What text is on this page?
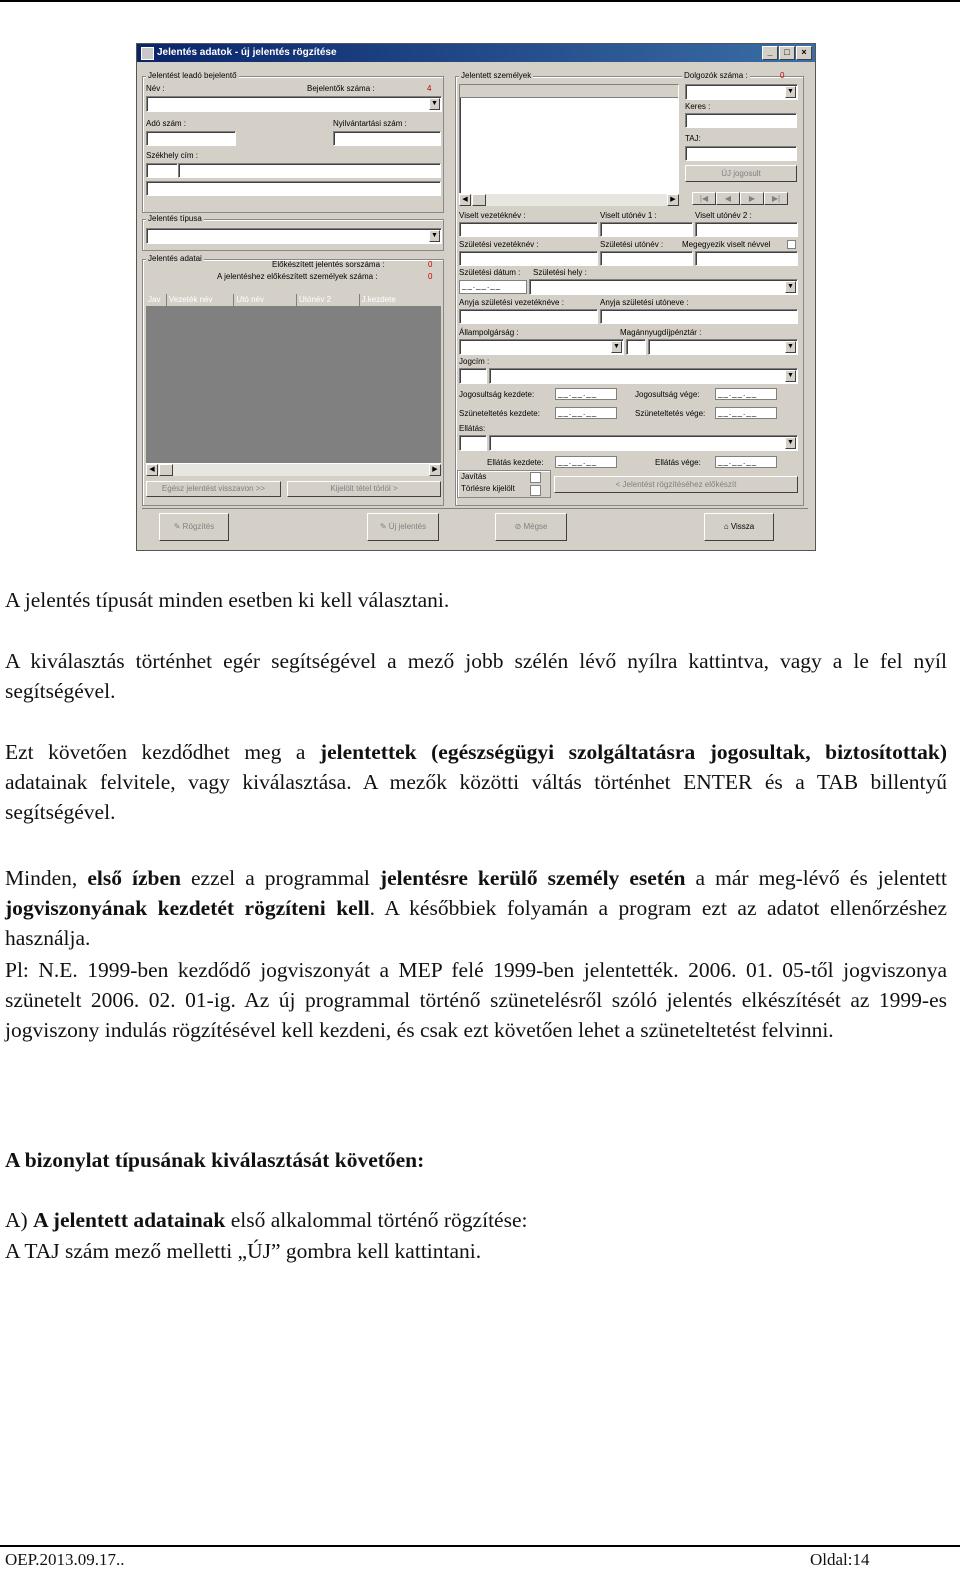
Jelentés adatok - új jelentés rögzítése	_ □ ×
Jelentést leadó bejelentő
Név :	Bejelentők száma :	4
▼
Adó szám :	Nyilvántartási szám :
Székhely cím :
Jelentés típusa
▼
Jelentés adatai
Előkészített jelentés sorszáma :	0
A jelentéshez előkészített személyek száma :	0
Jav	Vezeték név	Utó név	Utónév 2	J.kezdete
◀	▶
Egész jelentést visszavon >>	Kijelölt tétel törlöl >
Jelentett személyek	Dolgozók száma :	0
◀	▶
▼
Keres :
TAJ:
ÚJ jogosult
|◀ ◀ ▶ ▶|
Viselt vezetéknév :	Viselt utónév 1 :	Viselt utónév 2 :
Születési vezetéknév :	Születési utónév : Megegyezik viselt névvel
Születési dátum : Születési hely :
__.__.__	▼
Anyja születési vezetéknéve :	Anyja születési utóneve :
Állampolgárság :	Magánnyugdíjpénztár :
▼	▼
Jogcím :
▼
Jogosultság kezdete:	__.__.__	Jogosultság vége:	__.__.__
Szüneteltetés kezdete:	__.__.__	Szüneteltetés vége:	__.__.__
Ellátás:
▼
Ellátás kezdete:	__.__.__	Ellátás vége:	__.__.__
Javítás
Törlésre kijelölt	< Jelentést rögzítéséhez előkészít
✎ Rögzítés	✎ Új jelentés	⊘ Mégse	⌂ Vissza

A jelentés típusát minden esetben ki kell választani.

A kiválasztás történhet egér segítségével a mező jobb szélén lévő nyílra kattintva, vagy a le fel nyíl segítségével.

Ezt követően kezdődhet meg a jelentettek (egészségügyi szolgáltatásra jogosultak, biztosítottak) adatainak felvitele, vagy kiválasztása. A mezők közötti váltás történhet ENTER és a TAB billentyű segítségével.

Minden, első ízben ezzel a programmal jelentésre kerülő személy esetén a már meg-lévő és jelentett jogviszonyának kezdetét rögzíteni kell. A későbbiek folyamán a program ezt az adatot ellenőrzéshez használja.

Pl: N.E. 1999-ben kezdődő jogviszonyát a MEP felé 1999-ben jelentették. 2006. 01. 05-től jogviszonya szünetelt 2006. 02. 01-ig. Az új programmal történő szünetelésről szóló jelentés elkészítését az 1999-es jogviszony indulás rögzítésével kell kezdeni, és csak ezt követően lehet a szüneteltetést felvinni.

A bizonylat típusának kiválasztását követően:

A) A jelentett adatainak első alkalommal történő rögzítése:

A TAJ szám mező melletti „ÚJ” gombra kell kattintani.

OEP.2013.09.17..	Oldal:14
